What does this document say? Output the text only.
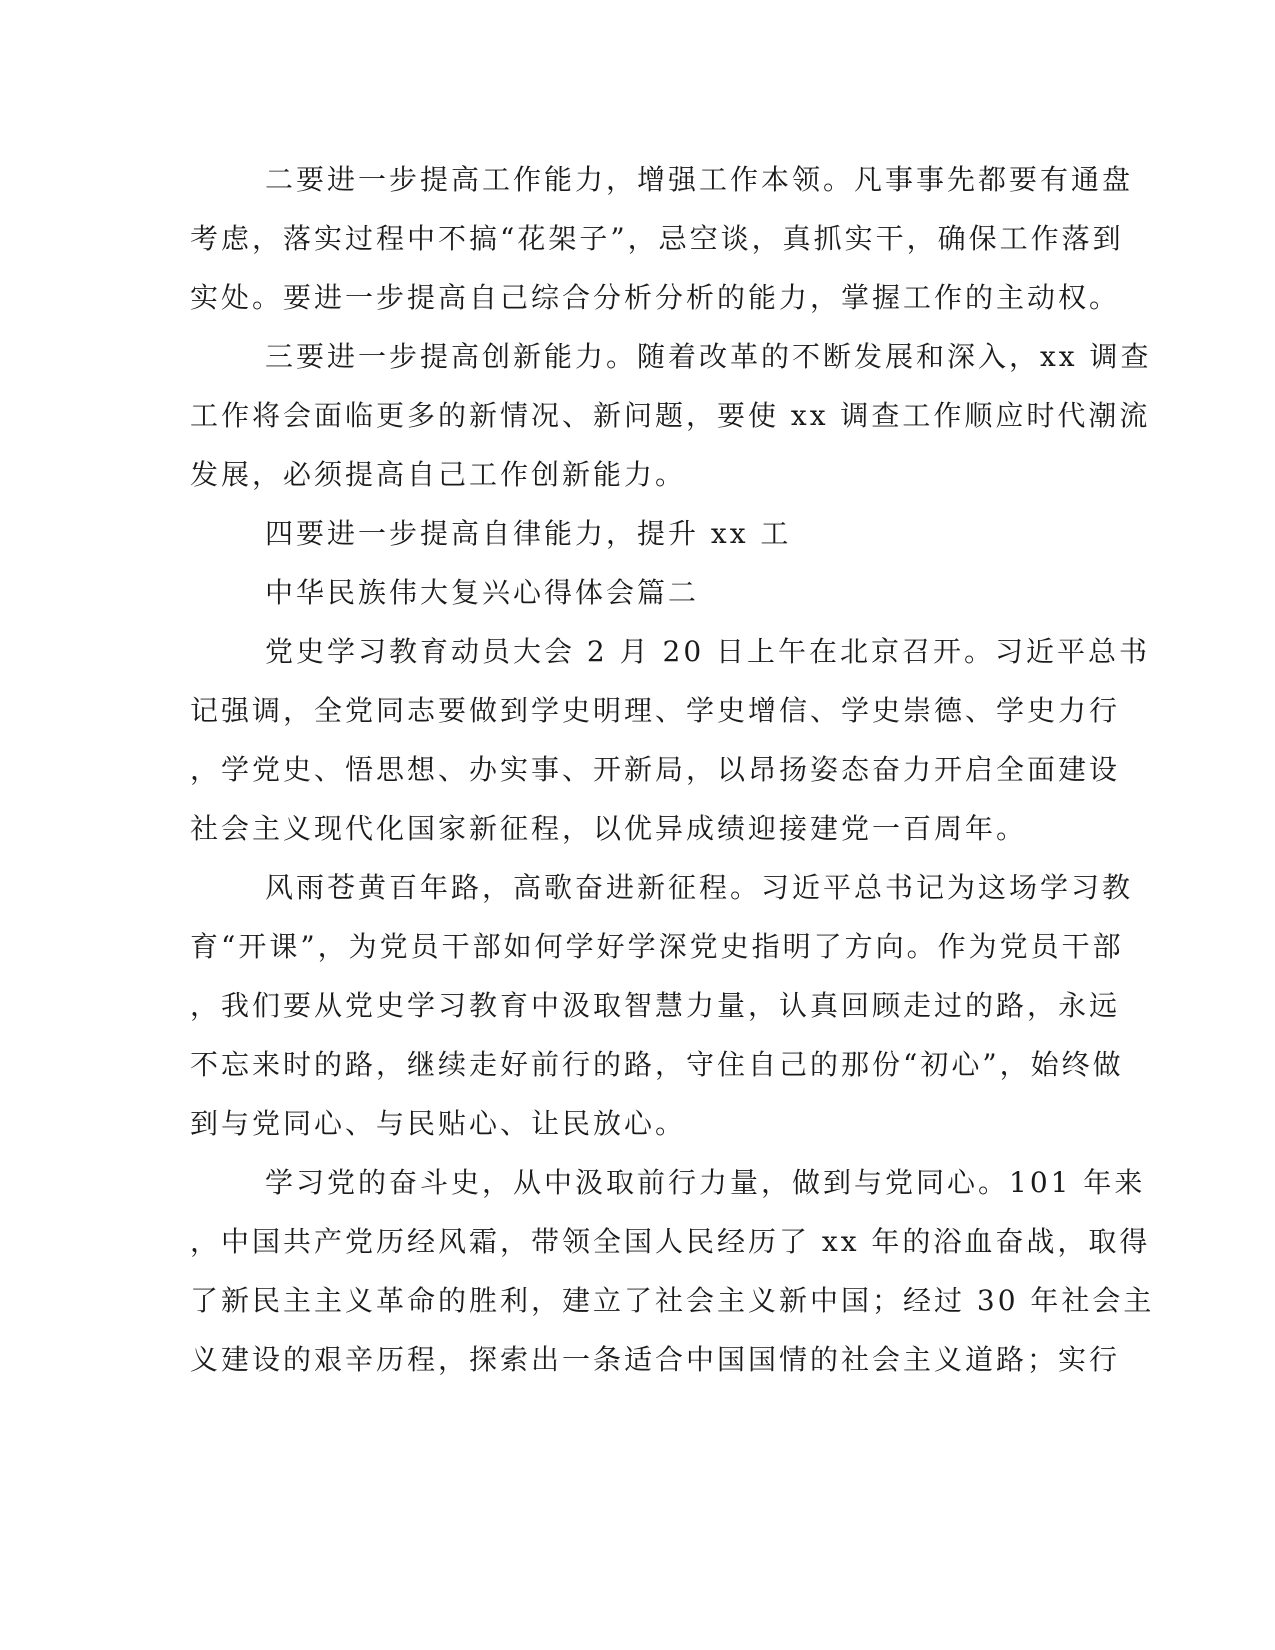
二要进一步提高工作能力，增强工作本领。凡事事先都要有通盘
考虑，落实过程中不搞“花架子”，忌空谈，真抓实干，确保工作落到
实处。要进一步提高自己综合分析分析的能力，掌握工作的主动权。
三要进一步提高创新能力。随着改革的不断发展和深入，xx 调查
工作将会面临更多的新情况、新问题，要使 xx 调查工作顺应时代潮流
发展，必须提高自己工作创新能力。
四要进一步提高自律能力，提升 xx 工
中华民族伟大复兴心得体会篇二
党史学习教育动员大会 2 月 20 日上午在北京召开。习近平总书
记强调，全党同志要做到学史明理、学史增信、学史崇德、学史力行
，学党史、悟思想、办实事、开新局，以昂扬姿态奋力开启全面建设
社会主义现代化国家新征程，以优异成绩迎接建党一百周年。
风雨苍黄百年路，高歌奋进新征程。习近平总书记为这场学习教
育“开课”，为党员干部如何学好学深党史指明了方向。作为党员干部
，我们要从党史学习教育中汲取智慧力量，认真回顾走过的路，永远
不忘来时的路，继续走好前行的路，守住自己的那份“初心”，始终做
到与党同心、与民贴心、让民放心。
学习党的奋斗史，从中汲取前行力量，做到与党同心。101 年来
，中国共产党历经风霜，带领全国人民经历了 xx 年的浴血奋战，取得
了新民主主义革命的胜利，建立了社会主义新中国；经过 30 年社会主
义建设的艰辛历程，探索出一条适合中国国情的社会主义道路；实行
